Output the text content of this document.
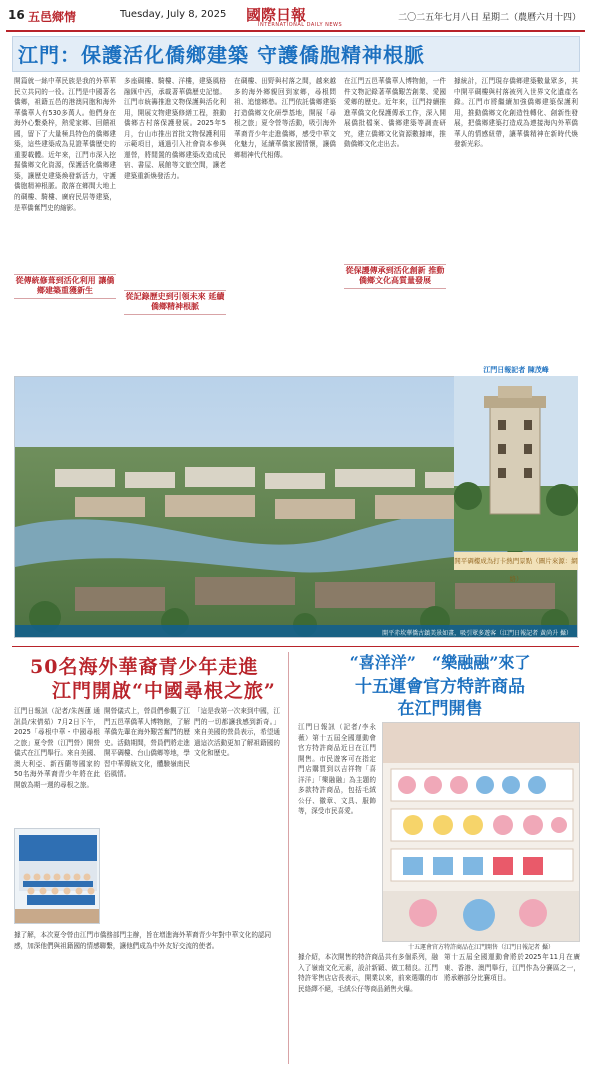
16 五邑鄉情	Tuesday, July 8, 2025 國際日報
INTERNATIONAL DAILY NEWS
二〇二五年七月八日 星期二（農曆六月十四）
江門：保護活化僑鄉建築 守護僑胞精神根脈

開篇就一絲中華民族是我的外華華民立共同的一役。江門是中國著名僑鄉，祖籍五邑的港澳同胞和海外華僑華人有530多萬人。他們身在海外心繫桑梓，熱愛家鄉、回饋祖國，留下了大量極具特色的僑鄉建築，這些建築成為見證華僑歷史的重要載體。近年來，江門市深入挖掘僑鄉文化資源，保護活化僑鄉建築，讓歷史建築煥發新活力，守護僑胞精神根脈。散落在鄉間大地上的碉樓、騎樓、廣府民居等建築，是華僑奮鬥史的縮影。

多座碉樓、騎樓、洋樓，建築風格融匯中西，承載著華僑歷史記憶。江門市統籌推進文物保護與活化利用，開展文物建築修繕工程，推動僑鄉古村落保護發展。2025年5月，台山市推出首批文物保護利用示範項目，通過引入社會資本參與運營，將閒置的僑鄉建築改造成民宿、書屋、展館等文旅空間，讓老建築重新煥發活力。

在碉樓、田野與村落之間，越來越多的海外鄉親回到家鄉，尋根問祖、追憶鄉愁。江門依託僑鄉建築打造僑鄉文化研學基地，開展「尋根之旅」夏令營等活動，吸引海外華裔青少年走進僑鄉，感受中華文化魅力，延續華僑家國情懷，讓僑鄉精神代代相傳。

在江門五邑華僑華人博物館，一件件文物記錄著華僑艱苦創業、愛國愛鄉的歷史。近年來，江門持續推進華僑文化保護傳承工作，深入開展僑批檔案、僑鄉建築等調查研究，建立僑鄉文化資源數據庫，推動僑鄉文化走出去。

據統計，江門現存僑鄉建築數量眾多，其中開平碉樓與村落被列入世界文化遺產名錄。江門市將繼續加強僑鄉建築保護利用，推動僑鄉文化創造性轉化、創新性發展，把僑鄉建築打造成為連接海內外華僑華人的情感紐帶，讓華僑精神在新時代煥發新光彩。

從傳統修葺到活化利用 讓僑鄉建築重獲新生
從記錄歷史到引領未來 延續僑鄉精神根脈
從保護傳承到活化創新 推動僑鄉文化高質量發展
開平赤坎華僑古鎮美景如畫，吸引眾多遊客（江門日報記者 黃尚升 攝）
江門日報記者 陳茂峰
開平碉樓成為打卡熱門景點（圖片來源：網絡）
50名海外華裔青少年走進
江門開啟“中國尋根之旅”

江門日報訊（記者/朱茜蓮 通訊員/宋倩茹）7月2日下午，2025「尋根中華・中國尋根之旅」夏令營（江門營）開營儀式在江門舉行。來自美國、澳大利亞、新西蘭等國家的50名海外華裔青少年將在此開啟為期一週的尋根之旅。

開營儀式上，營員們參觀了江門五邑華僑華人博物館，了解華僑先輩在海外艱苦奮鬥的歷史。活動期間，營員們將走進開平碉樓、台山僑鄉等地，學習中華傳統文化，體驗嶺南民俗風情。

「這是我第一次來到中國，江門的一切都讓我感到新奇。」來自美國的營員表示，希望通過這次活動更加了解祖籍國的文化和歷史。

據了解，本次夏令營由江門市僑務部門主辦，旨在增進海外華裔青少年對中華文化的認同感，加深他們與祖籍國的情感聯繫，讓他們成為中外友好交流的使者。

“喜洋洋”　“樂融融”來了
十五運會官方特許商品
在江門開售

江門日報訊（記者/李永薇）第十五屆全國運動會官方特許商品近日在江門開售。市民遊客可在指定門店購買到以吉祥物「喜洋洋」「樂融融」為主題的多款特許商品，包括毛絨公仔、徽章、文具、服飾等，深受市民喜愛。

十五運會官方特許商品在江門開售（江門日報記者 攝）

據介紹，本次開售的特許商品共有多個系列，融入了嶺南文化元素，設計新穎、做工精良。江門特許零售店店長表示，開業以來，前來選購的市民絡繹不絕，毛絨公仔等商品銷售火爆。

第十五屆全國運動會將於2025年11月在廣東、香港、澳門舉行，江門作為分賽區之一，將承辦部分比賽項目。
